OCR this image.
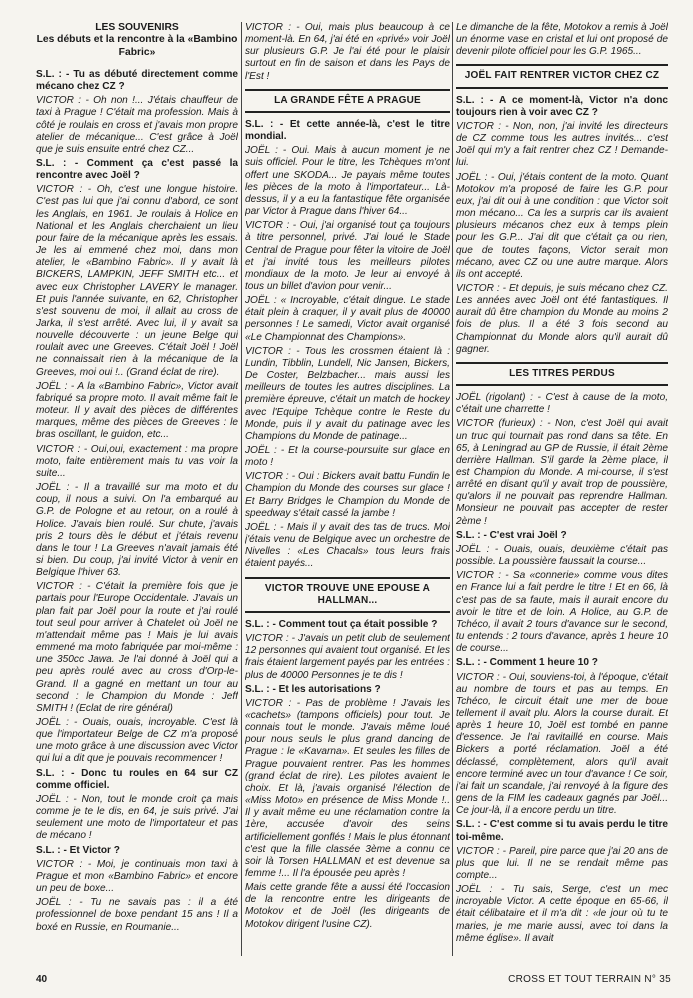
LES SOUVENIRS
Les débuts et la rencontre à la «Bambino Fabric»

S.L. : - Tu as débuté directement comme mécano chez CZ ?

VICTOR : - Oh non !... J'étais chauffeur de taxi à Prague ! C'était ma profession. Mais à côté je roulais en cross et j'avais mon propre atelier de mécanique... C'est grâce à Joël que je suis ensuite entré chez CZ...

S.L. : - Comment ça c'est passé la rencontre avec Joël ?

VICTOR : - Oh, c'est une longue histoire. C'est pas lui que j'ai connu d'abord, ce sont les Anglais, en 1961. Je roulais à Holice en National et les Anglais cherchaient un lieu pour faire de la mécanique après les essais. Je les ai emmené chez moi, dans mon atelier, le «Bambino Fabric». Il y avait là BICKERS, LAMPKIN, JEFF SMITH etc... et avec eux Christopher LAVERY le manager. Et puis l'année suivante, en 62, Christopher s'est souvenu de moi, il allait au cross de Jarka, il s'est arrêté. Avec lui, il y avait sa nouvelle découverte : un jeune Belge qui roulait avec une Greeves. C'était Joël ! Joël ne connaissait rien à la mécanique de la Greeves, moi oui !.. (Grand éclat de rire).

JOËL : - A la «Bambino Fabric», Victor avait fabriqué sa propre moto. Il avait même fait le moteur. Il y avait des pièces de différentes marques, même des pièces de Greeves : le bras oscillant, le guidon, etc...

VICTOR : - Oui,oui, exactement : ma propre moto, faite entièrement mais tu vas voir la suite...

JOËL : - Il a travaillé sur ma moto et du coup, il nous a suivi. On l'a embarqué au G.P. de Pologne et au retour, on a roulé à Holice. J'avais bien roulé. Sur chute, j'avais pris 2 tours dès le début et j'étais revenu dans le tour ! La Greeves n'avait jamais été si bien. Du coup, j'ai invité Victor à venir en Belgique l'hiver 63.

VICTOR : - C'était la première fois que je partais pour l'Europe Occidentale. J'avais un plan fait par Joël pour la route et j'ai roulé tout seul pour arriver à Chatelet où Joël ne m'attendait même pas ! Mais je lui avais emmené ma moto fabriquée par moi-même : une 350cc Jawa. Je l'ai donné à Joël qui a peu après roulé avec au cross d'Orp-le-Grand. Il a gagné en mettant un tour au second : le Champion du Monde : Jeff SMITH ! (Eclat de rire général)

JOËL : - Ouais, ouais, incroyable. C'est là que l'importateur Belge de CZ m'a proposé une moto grâce à une discussion avec Victor qui lui a dit que je pouvais recommencer !

S.L. : - Donc tu roules en 64 sur CZ comme officiel.

JOËL : - Non, tout le monde croit ça mais comme je te le dis, en 64, je suis privé. J'ai seulement une moto de l'importateur et pas de mécano !

S.L. : - Et Victor ?

VICTOR : - Moi, je continuais mon taxi à Prague et mon «Bambino Fabric» et encore un peu de boxe...

JOËL : - Tu ne savais pas : il a été professionnel de boxe pendant 15 ans ! Il a boxé en Russie, en Roumanie...

VICTOR : - Oui, mais plus beaucoup à ce moment-là. En 64, j'ai été en «privé» voir Joël sur plusieurs G.P. Je l'ai été pour le plaisir surtout en fin de saison et dans les Pays de l'Est !

LA GRANDE FÊTE A PRAGUE

S.L. : - Et cette année-là, c'est le titre mondial.

JOËL : - Oui. Mais à aucun moment je ne suis officiel. Pour le titre, les Tchèques m'ont offert une SKODA... Je payais même toutes les pièces de la moto à l'importateur... Là-dessus, il y a eu la fantastique fête organisée par Victor à Prague dans l'hiver 64...

VICTOR : - Oui, j'ai organisé tout ça toujours à titre personnel, privé. J'ai loué le Stade Central de Prague pour fêter la vitoire de Joël et j'ai invité tous les meilleurs pilotes mondiaux de la moto. Je leur ai envoyé à tous un billet d'avion pour venir...

JOËL : « Incroyable, c'était dingue. Le stade était plein à craquer, il y avait plus de 40000 personnes ! Le samedi, Victor avait organisé «Le Championnat des Champions».

VICTOR : - Tous les crossmen étaient là : Lundin, Tibblin, Lundell, Nic Jansen, Bickers, De Coster, Belzbacher... mais aussi les meilleurs de toutes les autres disciplines. La première épreuve, c'était un match de hockey avec l'Equipe Tchèque contre le Reste du Monde, puis il y avait du patinage avec les Champions du Monde de patinage...

JOËL : - Et la course-poursuite sur glace en moto !

VICTOR : - Oui : Bickers avait battu Fundin le Champion du Monde des courses sur glace ! Et Barry Bridges le Champion du Monde de speedway s'était cassé la jambe !

JOËL : - Mais il y avait des tas de trucs. Moi j'étais venu de Belgique avec un orchestre de Nivelles : «Les Chacals» tous leurs frais étaient payés...

VICTOR TROUVE UNE EPOUSE A HALLMAN...

S.L. : - Comment tout ça était possible ?

VICTOR : - J'avais un petit club de seulement 12 personnes qui avaient tout organisé. Et les frais étaient largement payés par les entrées : plus de 40000 Personnes je te dis !

S.L. : - Et les autorisations ?

VICTOR : - Pas de problème ! J'avais les «cachets» (tampons officiels) pour tout. Je connais tout le monde. J'avais même loué pour nous seuls le plus grand dancing de Prague : le «Kavarna». Et seules les filles de Prague pouvaient rentrer. Pas les hommes (grand éclat de rire). Les pilotes avaient le choix. Et là, j'avais organisé l'élection de «Miss Moto» en présence de Miss Monde !.. Il y avait même eu une réclamation contre la 1ère, accusée d'avoir des seins artificiellement gonflés ! Mais le plus étonnant c'est que la fille classée 3ème a connu ce soir là Torsen HALLMAN et est devenue sa femme !... Il l'a épousée peu après !

Mais cette grande fête a aussi été l'occasion de la rencontre entre les dirigeants de Motokov et de Joël (les dirigeants de Motokov dirigent l'usine CZ).

Le dimanche de la fête, Motokov a remis à Joël un énorme vase en cristal et lui ont proposé de devenir pilote officiel pour les G.P. 1965...

JOËL FAIT RENTRER VICTOR CHEZ CZ

S.L. : - A ce moment-là, Victor n'a donc toujours rien à voir avec CZ ?

VICTOR : - Non, non, j'ai invité les directeurs de CZ comme tous les autres invités... c'est Joël qui m'y a fait rentrer chez CZ ! Demande-lui.

JOËL : - Oui, j'étais content de la moto. Quant Motokov m'a proposé de faire les G.P. pour eux, j'ai dit oui à une condition : que Victor soit mon mécano... Ca les a surpris car ils avaient plusieurs mécanos chez eux à temps plein pour les G.P... J'ai dit que c'était ça ou rien, que de toutes façons, Victor serait mon mécano, avec CZ ou une autre marque. Alors ils ont accepté.

VICTOR : - Et depuis, je suis mécano chez CZ. Les années avec Joël ont été fantastiques. Il aurait dû être champion du Monde au moins 2 fois de plus. Il a été 3 fois second au Championnat du Monde alors qu'il aurait dû gagner.

LES TITRES PERDUS

JOËL (rigolant) : - C'est à cause de la moto, c'était une charrette !

VICTOR (furieux) : - Non, c'est Joël qui avait un truc qui tournait pas rond dans sa tête. En 65, à Leningrad au GP de Russie, il était 2ème derrière Hallman. S'il garde la 2ème place, il est Champion du Monde. A mi-course, il s'est arrêté en disant qu'il y avait trop de poussière, qu'alors il ne pouvait pas reprendre Hallman. Monsieur ne pouvait pas accepter de rester 2ème !

S.L. : - C'est vrai Joël ?

JOËL : - Ouais, ouais, deuxième c'était pas possible. La poussière faussait la course...

VICTOR : - Sa «connerie» comme vous dites en France lui a fait perdre le titre ! Et en 66, là c'est pas de sa faute, mais il aurait encore du avoir le titre et de loin. A Holice, au G.P. de Tchéco, il avait 2 tours d'avance sur le second, tu entends : 2 tours d'avance, après 1 heure 10 de course...

S.L. : - Comment 1 heure 10 ?

VICTOR : - Oui, souviens-toi, à l'époque, c'était au nombre de tours et pas au temps. En Tchéco, le circuit était une mer de boue tellement il avait plu. Alors la course durait. Et après 1 heure 10, Joël est tombé en panne d'essence. Je l'ai ravitaillé en course. Mais Bickers a porté réclamation. Joël a été déclassé, complètement, alors qu'il avait encore terminé avec un tour d'avance ! Ce soir, j'ai fait un scandale, j'ai renvoyé à la figure des gens de la FIM les cadeaux gagnés par Joël... Ce jour-là, il a encore perdu un titre.

S.L. : - C'est comme si tu avais perdu le titre toi-même.

VICTOR : - Pareil, pire parce que j'ai 20 ans de plus que lui. Il ne se rendait même pas compte...

JOËL : - Tu sais, Serge, c'est un mec incroyable Victor. A cette époque en 65-66, il était célibataire et il m'a dit : «le jour où tu te maries, je me marie aussi, avec toi dans la même église». Il avait

40	CROSS ET TOUT TERRAIN N° 35
